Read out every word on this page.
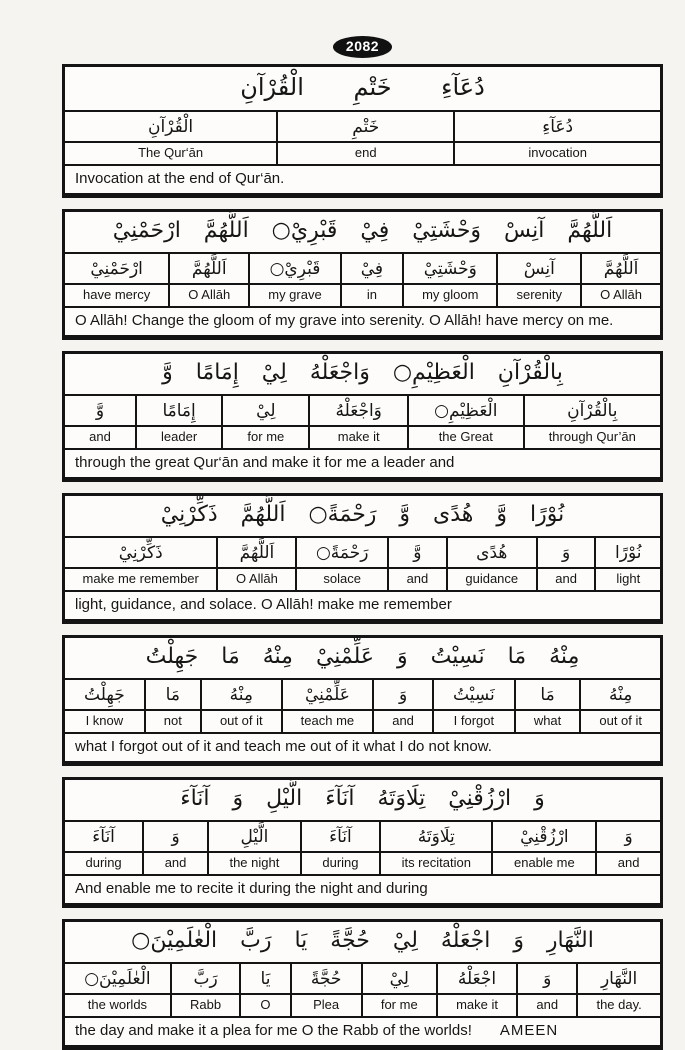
2082
دُعَآءِ خَتْمِ الْقُرْآنِ
الْقُرْآنِ
The Qur‘ān
خَتْمِ
end
دُعَآءِ
invocation
Invocation at the end of Qur‘ān.
اَللَّهُمَّ آنِسْ وَحْشَتِيْ فِيْ قَبْرِيْ○ اَللَّهُمَّ ارْحَمْنِيْ
ارْحَمْنِيْ
have mercy
اَللَّهُمَّ
O Allāh
قَبْرِيْ○
my grave
فِيْ
in
وَحْشَتِيْ
my gloom
آنِسْ
serenity
اَللَّهُمَّ
O Allāh
O Allāh! Change the gloom of my grave into serenity. O Allāh! have mercy on me.
بِالْقُرْآنِ الْعَظِيْمِ○ وَاجْعَلْهُ لِيْ إِمَامًا وَّ
وَّ
and
إِمَامًا
leader
لِيْ
for me
وَاجْعَلْهُ
make it
الْعَظِيْمِ○
the Great
بِالْقُرْآنِ
through Qur’ān
through the great Qur‘ān and make it for me a leader and
نُوْرًا وَّ هُدًى وَّ رَحْمَةً○ اَللَّهُمَّ ذَكِّرْنِيْ
ذَكِّرْنِيْ
make me remember
اَللَّهُمَّ
O Allāh
رَحْمَةً○
solace
وَّ
and
هُدًى
guidance
وَ
and
نُوْرًا
light
light, guidance, and solace. O Allāh! make me remember
مِنْهُ مَا نَسِيْتُ وَ عَلِّمْنِيْ مِنْهُ مَا جَهِلْتُ
جَهِلْتُ
I know
مَا
not
مِنْهُ
out of it
عَلِّمْنِيْ
teach me
وَ
and
نَسِيْتُ
I forgot
مَا
what
مِنْهُ
out of it
what I forgot out of it and teach me out of it what I do not know.
وَ ارْزُقْنِيْ تِلَاوَتَهُ آنَآءَ الَّيْلِ وَ آنَآءَ
آنَآءَ
during
وَ
and
الَّيْلِ
the night
آنَآءَ
during
تِلَاوَتَهُ
its recitation
ارْزُقْنِيْ
enable me
وَ
and
And enable me to recite it during the night and during
النَّهَارِ وَ اجْعَلْهُ لِيْ حُجَّةً يَا رَبَّ الْعٰلَمِيْنَ○
الْعٰلَمِيْنَ○
the worlds
رَبَّ
Rabb
يَا
O
حُجَّةً
Plea
لِيْ
for me
اجْعَلْهُ
make it
وَ
and
النَّهَارِ
the day.
the day and make it a plea for me O the Rabb of the worlds! AMEEN
